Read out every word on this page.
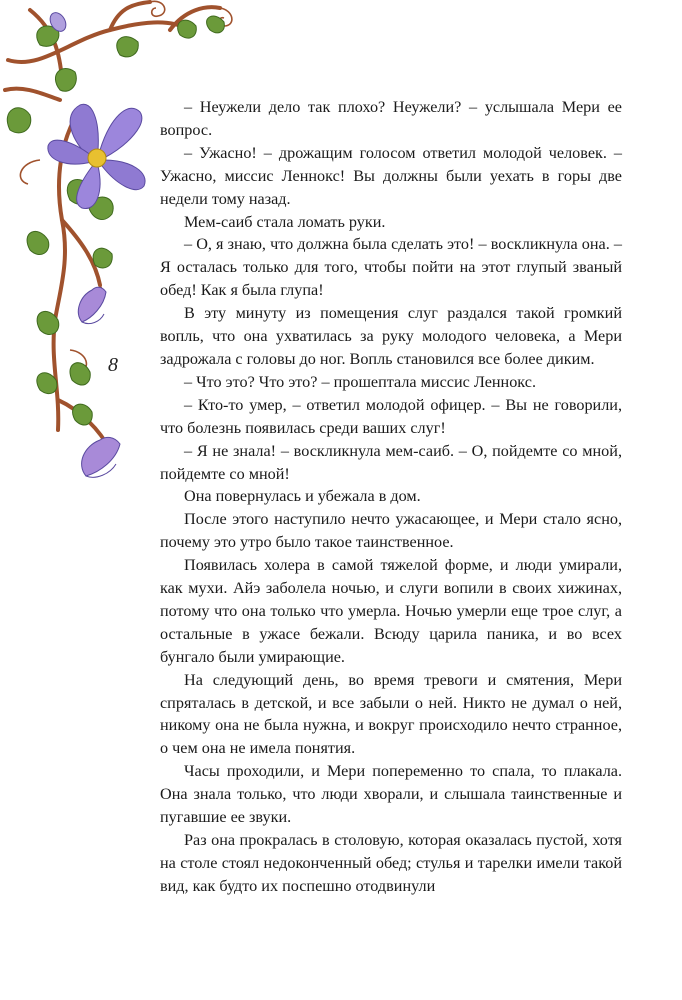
8

– Неужели дело так плохо? Неужели? – услышала Мери ее вопрос.

– Ужасно! – дрожащим голосом ответил молодой человек. – Ужасно, миссис Леннокс! Вы должны были уехать в горы две недели тому назад.

Мем-саиб стала ломать руки.

– О, я знаю, что должна была сделать это! – воскликнула она. – Я осталась только для того, чтобы пойти на этот глупый званый обед! Как я была глупа!

В эту минуту из помещения слуг раздался такой громкий вопль, что она ухватилась за руку молодого человека, а Мери задрожала с головы до ног. Вопль становился все более диким.

– Что это? Что это? – прошептала миссис Леннокс.

– Кто-то умер, – ответил молодой офицер. – Вы не говорили, что болезнь появилась среди ваших слуг!

– Я не знала! – воскликнула мем-саиб. – О, пойдемте со мной, пойдемте со мной!

Она повернулась и убежала в дом.

После этого наступило нечто ужасающее, и Мери стало ясно, почему это утро было такое таинственное.

Появилась холера в самой тяжелой форме, и люди умирали, как мухи. Айэ заболела ночью, и слуги вопили в своих хижинах, потому что она только что умерла. Ночью умерли еще трое слуг, а остальные в ужасе бежали. Всюду царила паника, и во всех бунгало были умирающие.

На следующий день, во время тревоги и смятения, Мери спряталась в детской, и все забыли о ней. Никто не думал о ней, никому она не была нужна, и вокруг происходило нечто странное, о чем она не имела понятия.

Часы проходили, и Мери попеременно то спала, то плакала. Она знала только, что люди хворали, и слышала таинственные и пугавшие ее звуки.

Раз она прокралась в столовую, которая оказалась пустой, хотя на столе стоял недоконченный обед; стулья и тарелки имели такой вид, как будто их поспешно отодвинули
